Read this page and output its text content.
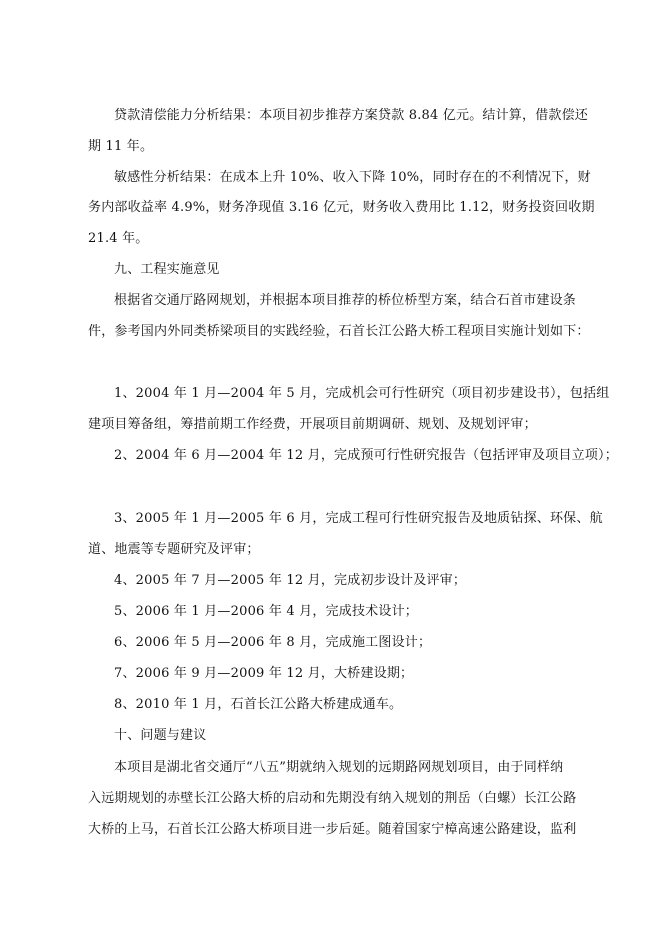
贷款清偿能力分析结果：本项目初步推荐方案贷款 8.84 亿元。结计算，借款偿还

期 11 年。

敏感性分析结果：在成本上升 10%、收入下降 10%，同时存在的不利情况下，财

务内部收益率 4.9%，财务净现值 3.16 亿元，财务收入费用比 1.12，财务投资回收期

21.4 年。

九、工程实施意见

根据省交通厅路网规划，并根据本项目推荐的桥位桥型方案，结合石首市建设条

件，参考国内外同类桥梁项目的实践经验，石首长江公路大桥工程项目实施计划如下：

1、2004 年 1 月—2004 年 5 月，完成机会可行性研究（项目初步建设书），包括组

建项目筹备组，筹措前期工作经费，开展项目前期调研、规划、及规划评审；

2、2004 年 6 月—2004 年 12 月，完成预可行性研究报告（包括评审及项目立项）；

3、2005 年 1 月—2005 年 6 月，完成工程可行性研究报告及地质钻探、环保、航

道、地震等专题研究及评审；

4、2005 年 7 月—2005 年 12 月，完成初步设计及评审；

5、2006 年 1 月—2006 年 4 月，完成技术设计；

6、2006 年 5 月—2006 年 8 月，完成施工图设计；

7、2006 年 9 月—2009 年 12 月，大桥建设期；

8、2010 年 1 月，石首长江公路大桥建成通车。

十、问题与建议

本项目是湖北省交通厅“八五”期就纳入规划的远期路网规划项目，由于同样纳

入远期规划的赤壁长江公路大桥的启动和先期没有纳入规划的荆岳（白螺）长江公路

大桥的上马，石首长江公路大桥项目进一步后延。随着国家宁樟高速公路建设，监利
